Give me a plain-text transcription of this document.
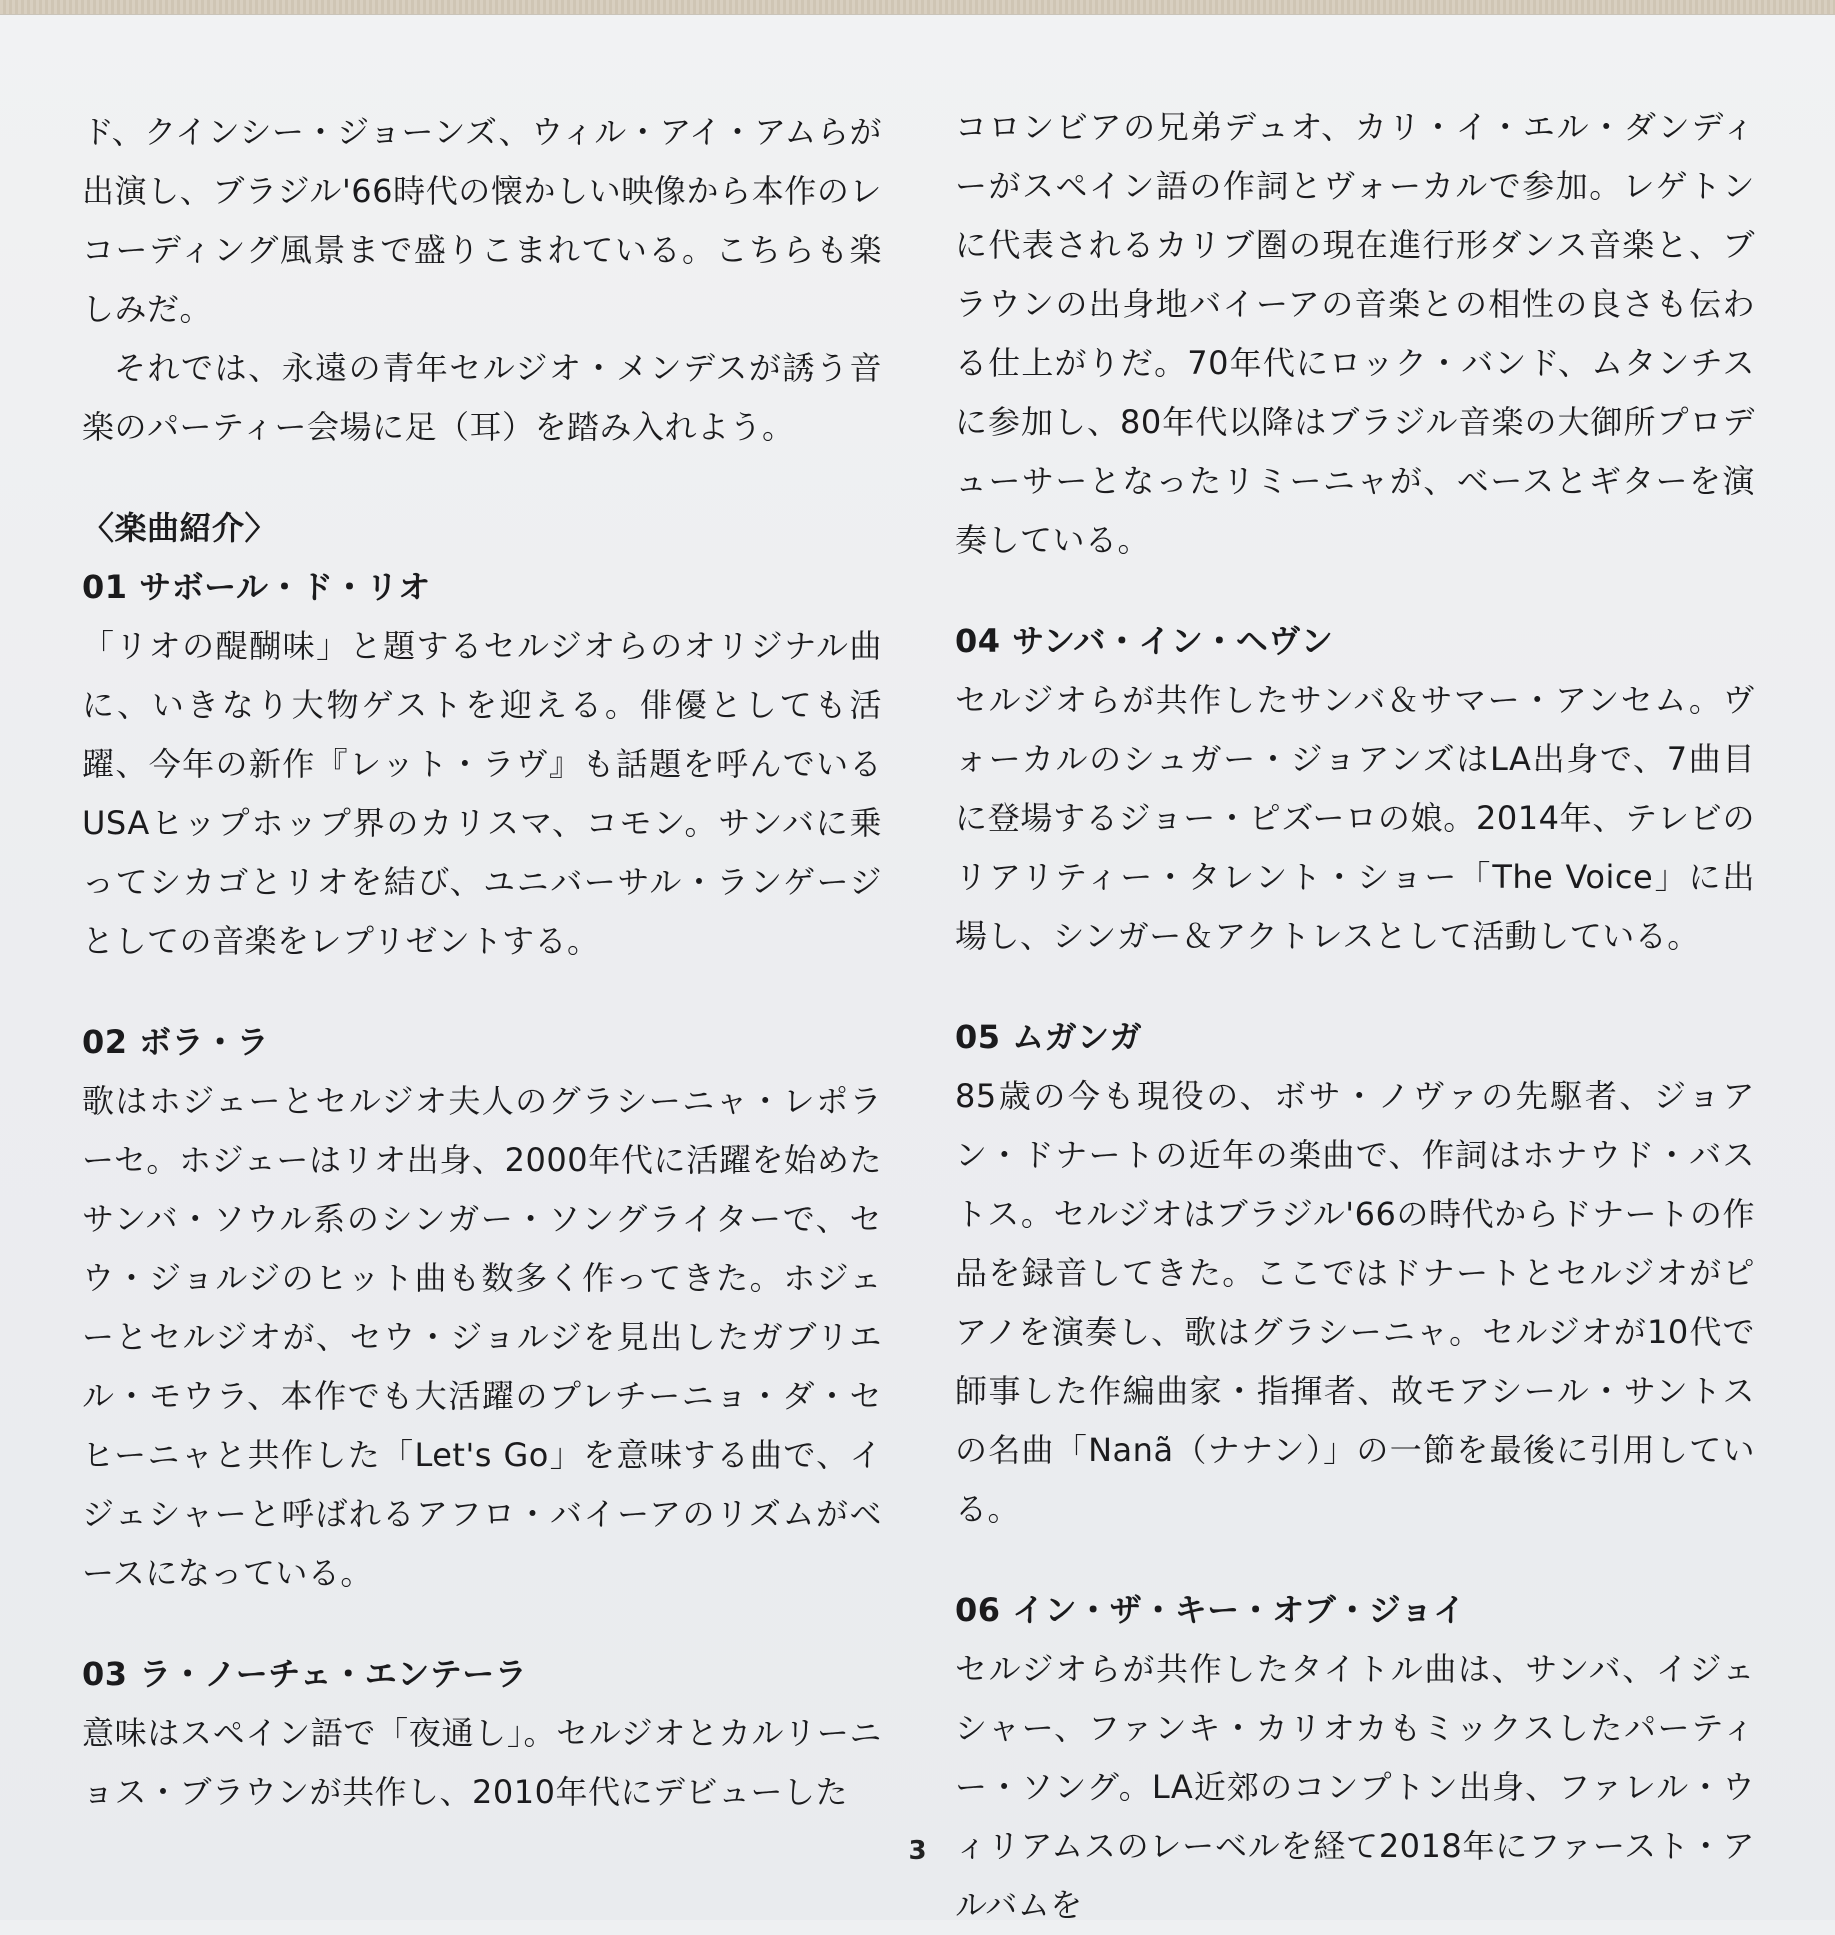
ド、クインシー・ジョーンズ、ウィル・アイ・アムらが出演し、ブラジル'66時代の懐かしい映像から本作のレコーディング風景まで盛りこまれている。こちらも楽しみだ。

それでは、永遠の青年セルジオ・メンデスが誘う音楽のパーティー会場に足（耳）を踏み入れよう。

〈楽曲紹介〉

01 サボール・ド・リオ

「リオの醍醐味」と題するセルジオらのオリジナル曲に、いきなり大物ゲストを迎える。俳優としても活躍、今年の新作『レット・ラヴ』も話題を呼んでいるUSAヒップホップ界のカリスマ、コモン。サンバに乗ってシカゴとリオを結び、ユニバーサル・ランゲージとしての音楽をレプリゼントする。

02 ボラ・ラ

歌はホジェーとセルジオ夫人のグラシーニャ・レポラーセ。ホジェーはリオ出身、2000年代に活躍を始めたサンバ・ソウル系のシンガー・ソングライターで、セウ・ジョルジのヒット曲も数多く作ってきた。ホジェーとセルジオが、セウ・ジョルジを見出したガブリエル・モウラ、本作でも大活躍のプレチーニョ・ダ・セヒーニャと共作した「Let's Go」を意味する曲で、イジェシャーと呼ばれるアフロ・バイーアのリズムがベースになっている。

03 ラ・ノーチェ・エンテーラ

意味はスペイン語で「夜通し」。セルジオとカルリーニョス・ブラウンが共作し、2010年代にデビューした

コロンビアの兄弟デュオ、カリ・イ・エル・ダンディーがスペイン語の作詞とヴォーカルで参加。レゲトンに代表されるカリブ圏の現在進行形ダンス音楽と、ブラウンの出身地バイーアの音楽との相性の良さも伝わる仕上がりだ。70年代にロック・バンド、ムタンチスに参加し、80年代以降はブラジル音楽の大御所プロデューサーとなったリミーニャが、ベースとギターを演奏している。

04 サンバ・イン・ヘヴン

セルジオらが共作したサンバ＆サマー・アンセム。ヴォーカルのシュガー・ジョアンズはLA出身で、7曲目に登場するジョー・ピズーロの娘。2014年、テレビのリアリティー・タレント・ショー「The Voice」に出場し、シンガー＆アクトレスとして活動している。

05 ムガンガ

85歳の今も現役の、ボサ・ノヴァの先駆者、ジョアン・ドナートの近年の楽曲で、作詞はホナウド・バストス。セルジオはブラジル'66の時代からドナートの作品を録音してきた。ここではドナートとセルジオがピアノを演奏し、歌はグラシーニャ。セルジオが10代で師事した作編曲家・指揮者、故モアシール・サントスの名曲「Nanã（ナナン）」の一節を最後に引用している。

06 イン・ザ・キー・オブ・ジョイ

セルジオらが共作したタイトル曲は、サンバ、イジェシャー、ファンキ・カリオカもミックスしたパーティー・ソング。LA近郊のコンプトン出身、ファレル・ウィリアムスのレーベルを経て2018年にファースト・アルバムを

3
